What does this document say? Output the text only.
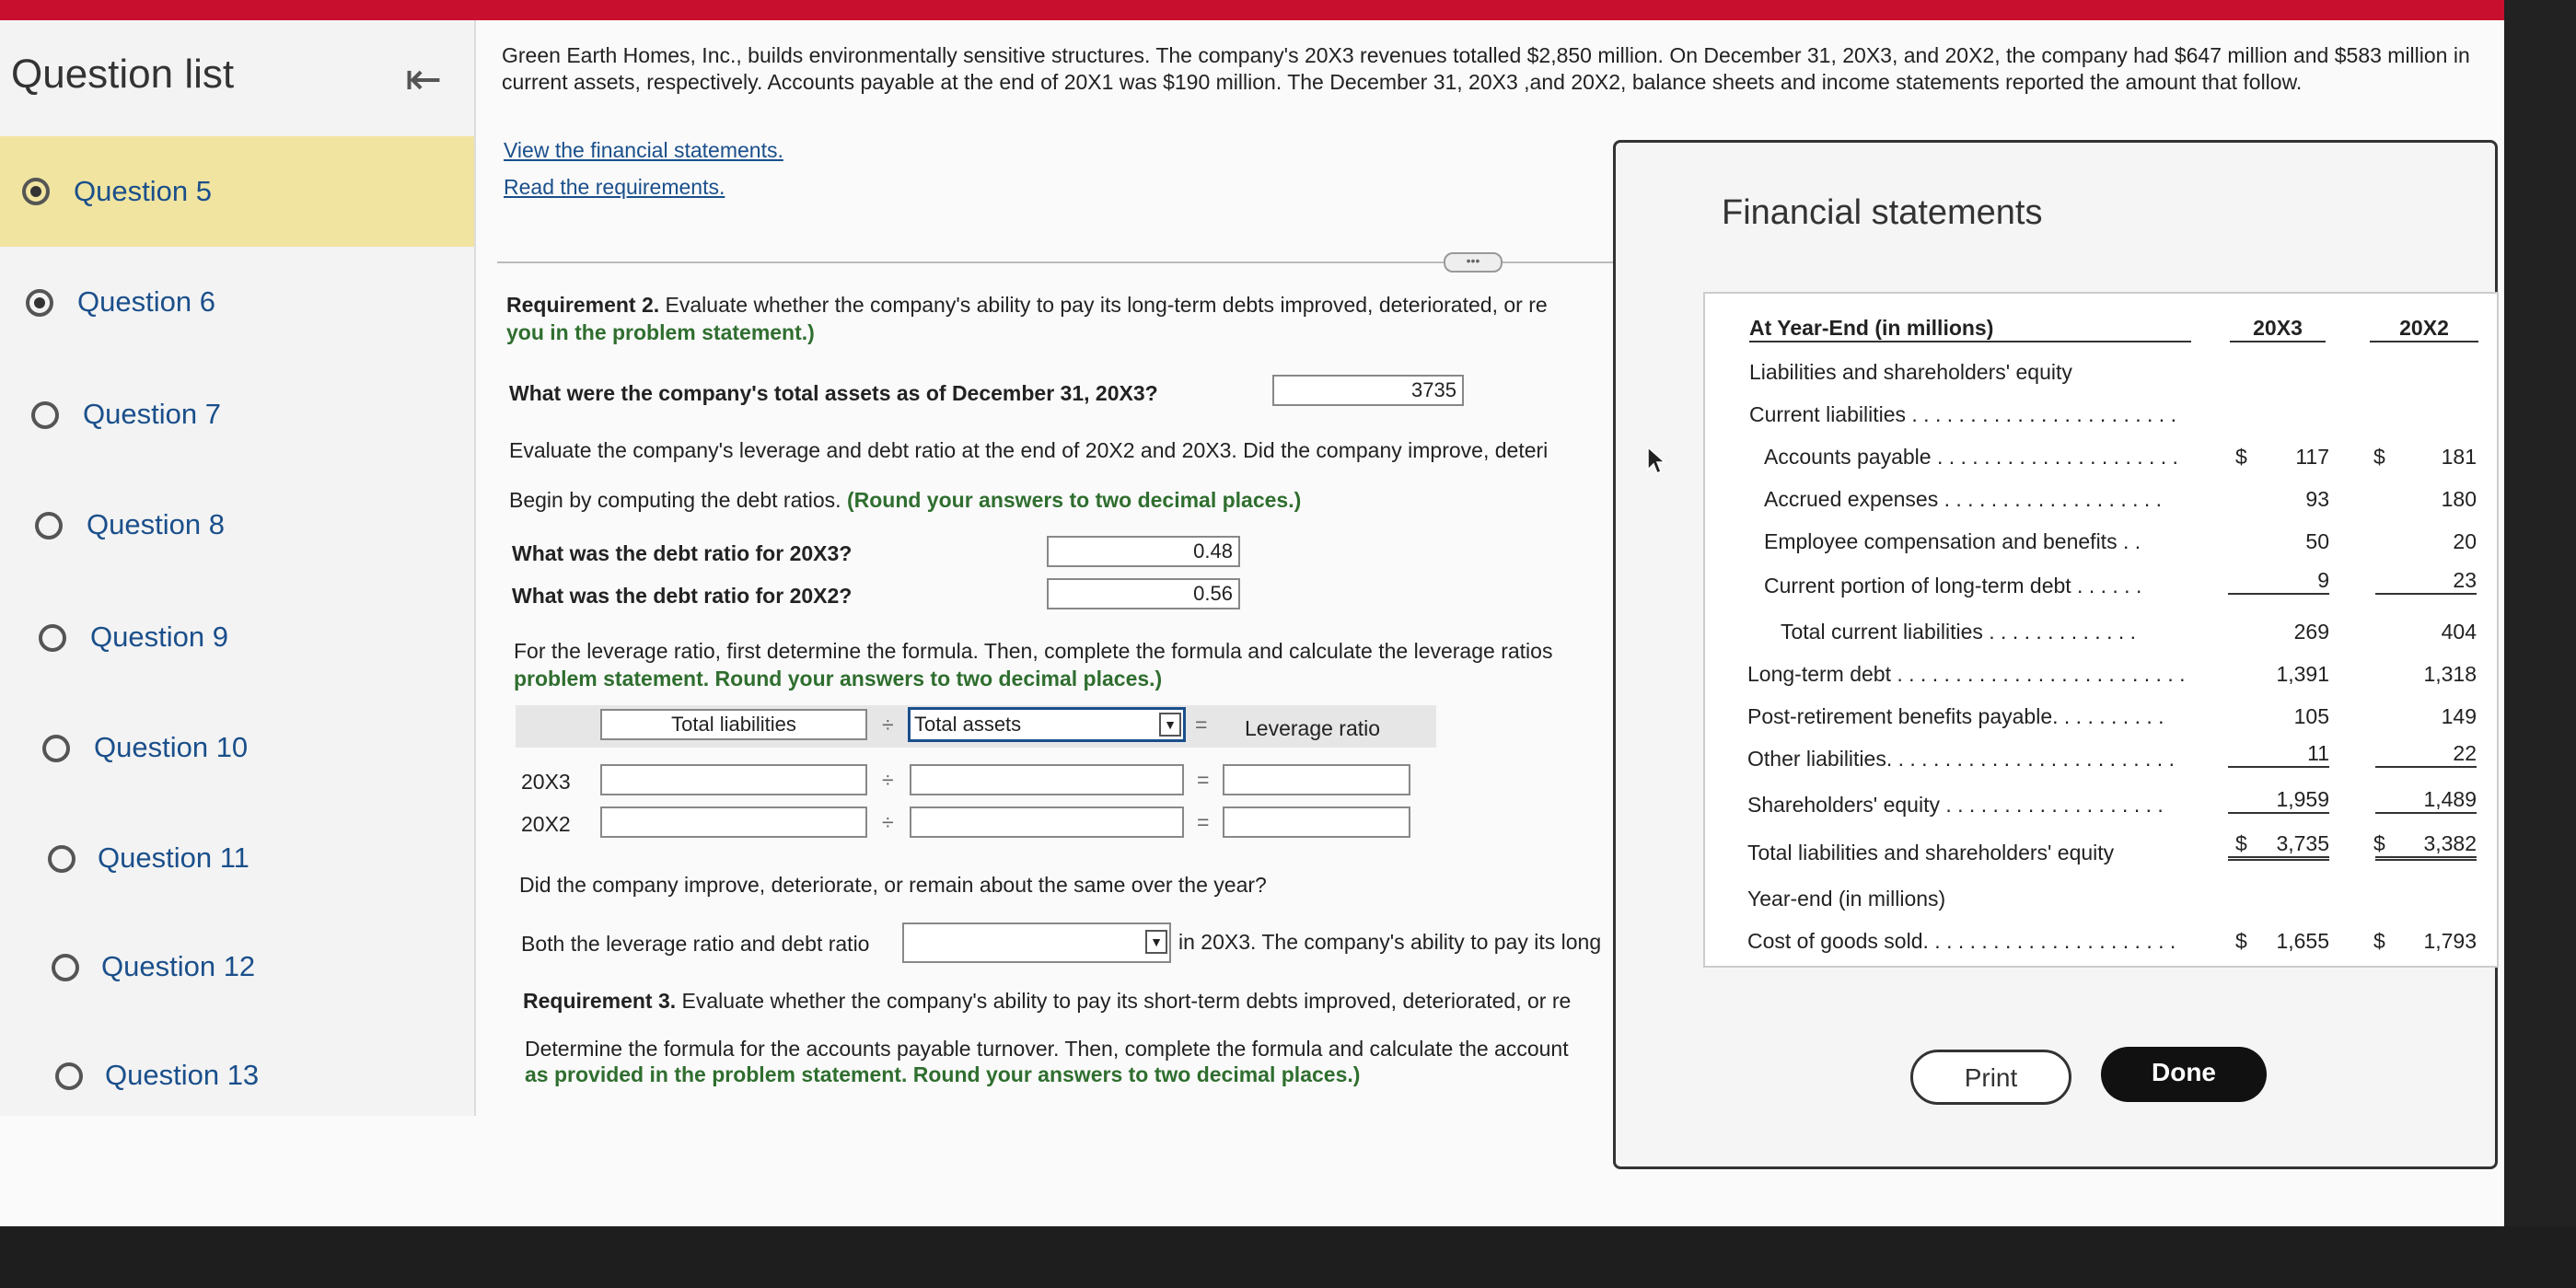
Question list	⇤
Question 5
Question 6
Question 7
Question 8
Question 9
Question 10
Question 11
Question 12
Question 13
Green Earth Homes, Inc., builds environmentally sensitive structures. The company's 20X3 revenues totalled $2,850 million. On December 31, 20X3, and 20X2, the company had $647 million and $583 million in current assets, respectively. Accounts payable at the end of 20X1 was $190 million. The December 31, 20X3 ,and 20X2, balance sheets and income statements reported the amount that follow.
View the financial statements.
Read the requirements.
•••
Requirement 2. Evaluate whether the company's ability to pay its long-term debts improved, deteriorated, or re
you in the problem statement.)
What were the company's total assets as of December 31, 20X3?	3735
Evaluate the company's leverage and debt ratio at the end of 20X2 and 20X3. Did the company improve, deteri
Begin by computing the debt ratios. (Round your answers to two decimal places.)
What was the debt ratio for 20X3?	0.48
What was the debt ratio for 20X2?	0.56
For the leverage ratio, first determine the formula. Then, complete the formula and calculate the leverage ratios
problem statement. Round your answers to two decimal places.)
Total liabilities	÷	Total assets	▼ = Leverage ratio
20X3	÷	=
20X2	÷	=
Did the company improve, deteriorate, or remain about the same over the year?
Both the leverage ratio and debt ratio	▼ in 20X3. The company's ability to pay its long
Requirement 3. Evaluate whether the company's ability to pay its short-term debts improved, deteriorated, or re
Determine the formula for the accounts payable turnover. Then, complete the formula and calculate the account
as provided in the problem statement. Round your answers to two decimal places.)
Financial statements
At Year-End (in millions)	20X3	20X2
Liabilities and shareholders' equity
Current liabilities . . . . . . . . . . . . . . . . . . . . . . .
Accounts payable . . . . . . . . . . . . . . . . . . . . .	$	117 $	181
Accrued expenses . . . . . . . . . . . . . . . . . . .	93	180
Employee compensation and benefits . .	50	20
Current portion of long-term debt . . . . . .	9	23
Total current liabilities . . . . . . . . . . . . .	269	404
Long-term debt . . . . . . . . . . . . . . . . . . . . . . . . .	1,391	1,318
Post-retirement benefits payable. . . . . . . . . .	105	149
Other liabilities. . . . . . . . . . . . . . . . . . . . . . . . .	11	22
Shareholders' equity . . . . . . . . . . . . . . . . . . .	1,959	1,489
Total liabilities and shareholders' equity	$	3,735 $	3,382
Year-end (in millions)
Cost of goods sold. . . . . . . . . . . . . . . . . . . . . .	$	1,655 $	1,793
Print	Done
